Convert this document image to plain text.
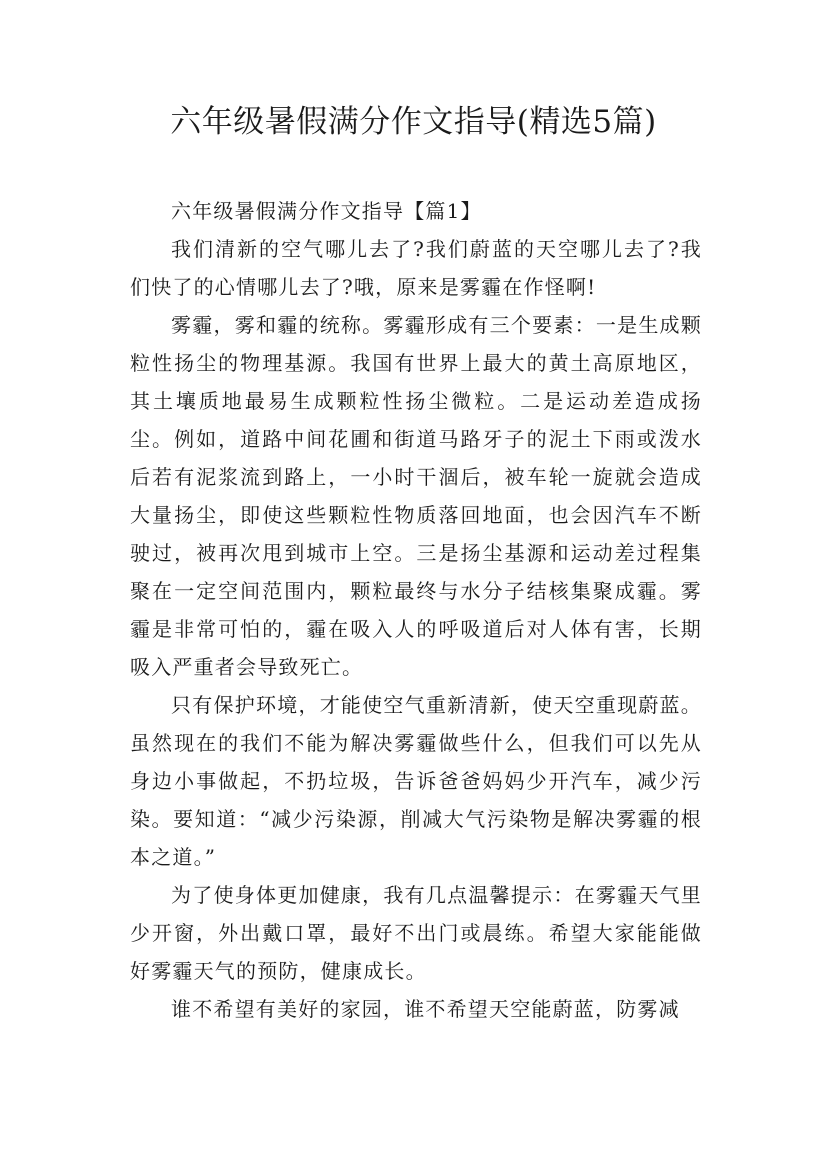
六年级暑假满分作文指导(精选5篇)

六年级暑假满分作文指导【篇1】

我们清新的空气哪儿去了?我们蔚蓝的天空哪儿去了?我们快了的心情哪儿去了?哦，原来是雾霾在作怪啊!

雾霾，雾和霾的统称。雾霾形成有三个要素：一是生成颗粒性扬尘的物理基源。我国有世界上最大的黄土高原地区，其土壤质地最易生成颗粒性扬尘微粒。二是运动差造成扬尘。例如，道路中间花圃和街道马路牙子的泥土下雨或泼水后若有泥浆流到路上，一小时干涸后，被车轮一旋就会造成大量扬尘，即使这些颗粒性物质落回地面，也会因汽车不断驶过，被再次甩到城市上空。三是扬尘基源和运动差过程集聚在一定空间范围内，颗粒最终与水分子结核集聚成霾。雾霾是非常可怕的，霾在吸入人的呼吸道后对人体有害，长期吸入严重者会导致死亡。

只有保护环境，才能使空气重新清新，使天空重现蔚蓝。虽然现在的我们不能为解决雾霾做些什么，但我们可以先从身边小事做起，不扔垃圾，告诉爸爸妈妈少开汽车，减少污染。要知道：“减少污染源，削减大气污染物是解决雾霾的根本之道。”

为了使身体更加健康，我有几点温馨提示：在雾霾天气里少开窗，外出戴口罩，最好不出门或晨练。希望大家能能做好雾霾天气的预防，健康成长。

谁不希望有美好的家园，谁不希望天空能蔚蓝，防雾减
